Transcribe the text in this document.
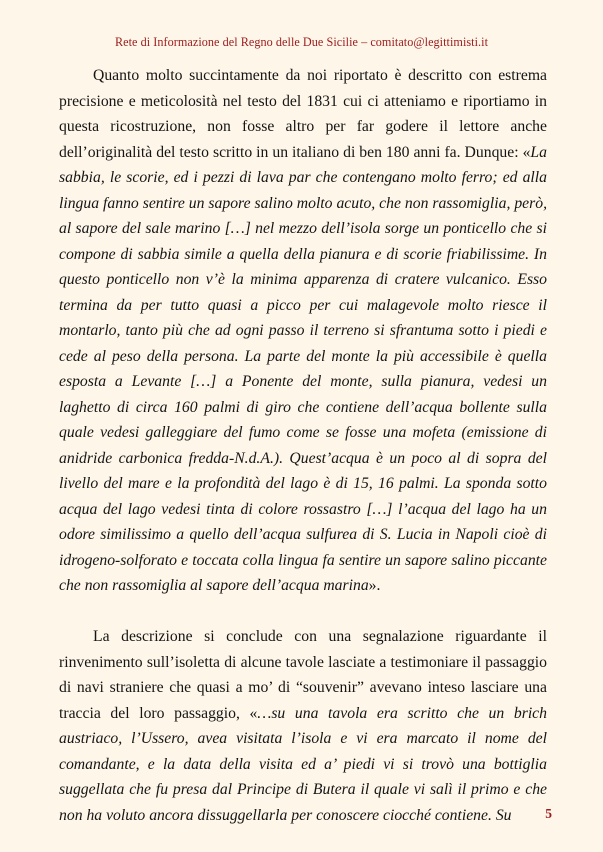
Rete di Informazione del Regno delle Due Sicilie – comitato@legittimisti.it

Quanto molto succintamente da noi riportato è descritto con estrema precisione e meticolosità nel testo del 1831 cui ci atteniamo e riportiamo in questa ricostruzione, non fosse altro per far godere il lettore anche dell’originalità del testo scritto in un italiano di ben 180 anni fa. Dunque: «La sabbia, le scorie, ed i pezzi di lava par che contengano molto ferro; ed alla lingua fanno sentire un sapore salino molto acuto, che non rassomiglia, però, al sapore del sale marino […] nel mezzo dell’isola sorge un ponticello che si compone di sabbia simile a quella della pianura e di scorie friabilissime. In questo ponticello non v’è la minima apparenza di cratere vulcanico. Esso termina da per tutto quasi a picco per cui malagevole molto riesce il montarlo, tanto più che ad ogni passo il terreno si sfrantuma sotto i piedi e cede al peso della persona. La parte del monte la più accessibile è quella esposta a Levante […] a Ponente del monte, sulla pianura, vedesi un laghetto di circa 160 palmi di giro che contiene dell’acqua bollente sulla quale vedesi galleggiare del fumo come se fosse una mofeta (emissione di anidride carbonica fredda-N.d.A.). Quest’acqua è un poco al di sopra del livello del mare e la profondità del lago è di 15, 16 palmi. La sponda sotto acqua del lago vedesi tinta di colore rossastro […] l’acqua del lago ha un odore similissimo a quello dell’acqua sulfurea di S. Lucia in Napoli cioè di idrogeno-solforato e toccata colla lingua fa sentire un sapore salino piccante che non rassomiglia al sapore dell’acqua marina».

La descrizione si conclude con una segnalazione riguardante il rinvenimento sull’isoletta di alcune tavole lasciate a testimoniare il passaggio di navi straniere che quasi a mo’ di “souvenir” avevano inteso lasciare una traccia del loro passaggio, «…su una tavola era scritto che un brich austriaco, l’Ussero, avea visitata l’isola e vi era marcato il nome del comandante, e la data della visita ed a’ piedi vi si trovò una bottiglia suggellata che fu presa dal Principe di Butera il quale vi salì il primo e che non ha voluto ancora dissuggellarla per conoscere ciocché contiene. Su	5
